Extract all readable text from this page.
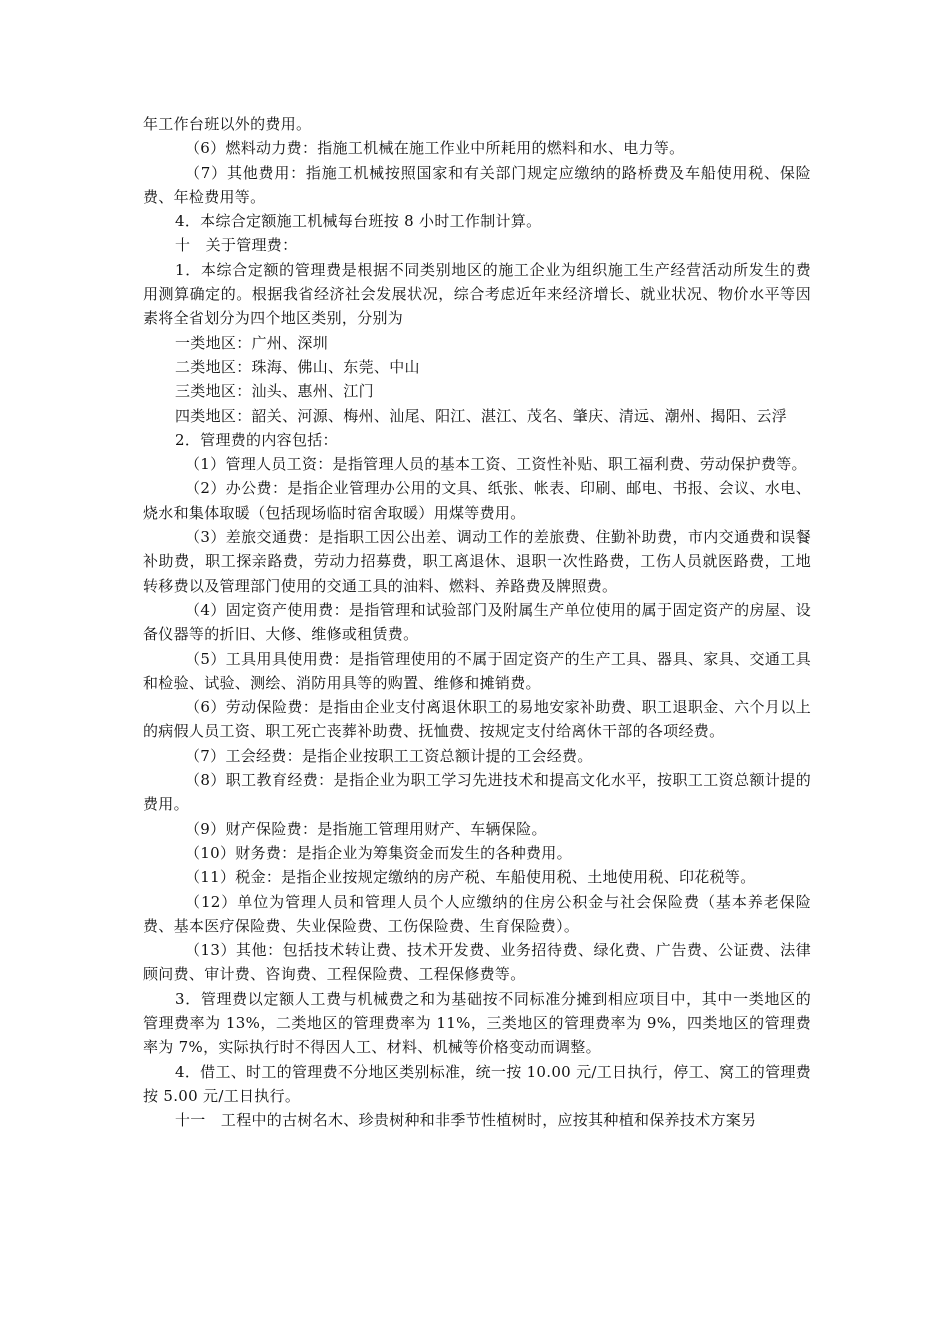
年工作台班以外的费用。

（6）燃料动力费：指施工机械在施工作业中所耗用的燃料和水、电力等。

（7）其他费用：指施工机械按照国家和有关部门规定应缴纳的路桥费及车船使用税、保险费、年检费用等。

4．本综合定额施工机械每台班按 8 小时工作制计算。

十　关于管理费：

1．本综合定额的管理费是根据不同类别地区的施工企业为组织施工生产经营活动所发生的费用测算确定的。根据我省经济社会发展状况，综合考虑近年来经济增长、就业状况、物价水平等因素将全省划分为四个地区类别，分别为

一类地区：广州、深圳

二类地区：珠海、佛山、东莞、中山

三类地区：汕头、惠州、江门

四类地区：韶关、河源、梅州、汕尾、阳江、湛江、茂名、肇庆、清远、潮州、揭阳、云浮

2．管理费的内容包括：

（1）管理人员工资：是指管理人员的基本工资、工资性补贴、职工福利费、劳动保护费等。

（2）办公费：是指企业管理办公用的文具、纸张、帐表、印刷、邮电、书报、会议、水电、烧水和集体取暖（包括现场临时宿舍取暖）用煤等费用。

（3）差旅交通费：是指职工因公出差、调动工作的差旅费、住勤补助费，市内交通费和误餐补助费，职工探亲路费，劳动力招募费，职工离退休、退职一次性路费，工伤人员就医路费，工地转移费以及管理部门使用的交通工具的油料、燃料、养路费及牌照费。

（4）固定资产使用费：是指管理和试验部门及附属生产单位使用的属于固定资产的房屋、设备仪器等的折旧、大修、维修或租赁费。

（5）工具用具使用费：是指管理使用的不属于固定资产的生产工具、器具、家具、交通工具和检验、试验、测绘、消防用具等的购置、维修和摊销费。

（6）劳动保险费：是指由企业支付离退休职工的易地安家补助费、职工退职金、六个月以上的病假人员工资、职工死亡丧葬补助费、抚恤费、按规定支付给离休干部的各项经费。

（7）工会经费：是指企业按职工工资总额计提的工会经费。

（8）职工教育经费：是指企业为职工学习先进技术和提高文化水平，按职工工资总额计提的费用。

（9）财产保险费：是指施工管理用财产、车辆保险。

（10）财务费：是指企业为筹集资金而发生的各种费用。

（11）税金：是指企业按规定缴纳的房产税、车船使用税、土地使用税、印花税等。

（12）单位为管理人员和管理人员个人应缴纳的住房公积金与社会保险费（基本养老保险费、基本医疗保险费、失业保险费、工伤保险费、生育保险费）。

（13）其他：包括技术转让费、技术开发费、业务招待费、绿化费、广告费、公证费、法律顾问费、审计费、咨询费、工程保险费、工程保修费等。

3．管理费以定额人工费与机械费之和为基础按不同标准分摊到相应项目中，其中一类地区的管理费率为 13%，二类地区的管理费率为 11%，三类地区的管理费率为 9%，四类地区的管理费率为 7%，实际执行时不得因人工、材料、机械等价格变动而调整。

4．借工、时工的管理费不分地区类别标准，统一按 10.00 元/工日执行，停工、窝工的管理费按 5.00 元/工日执行。

十一　工程中的古树名木、珍贵树种和非季节性植树时，应按其种植和保养技术方案另
